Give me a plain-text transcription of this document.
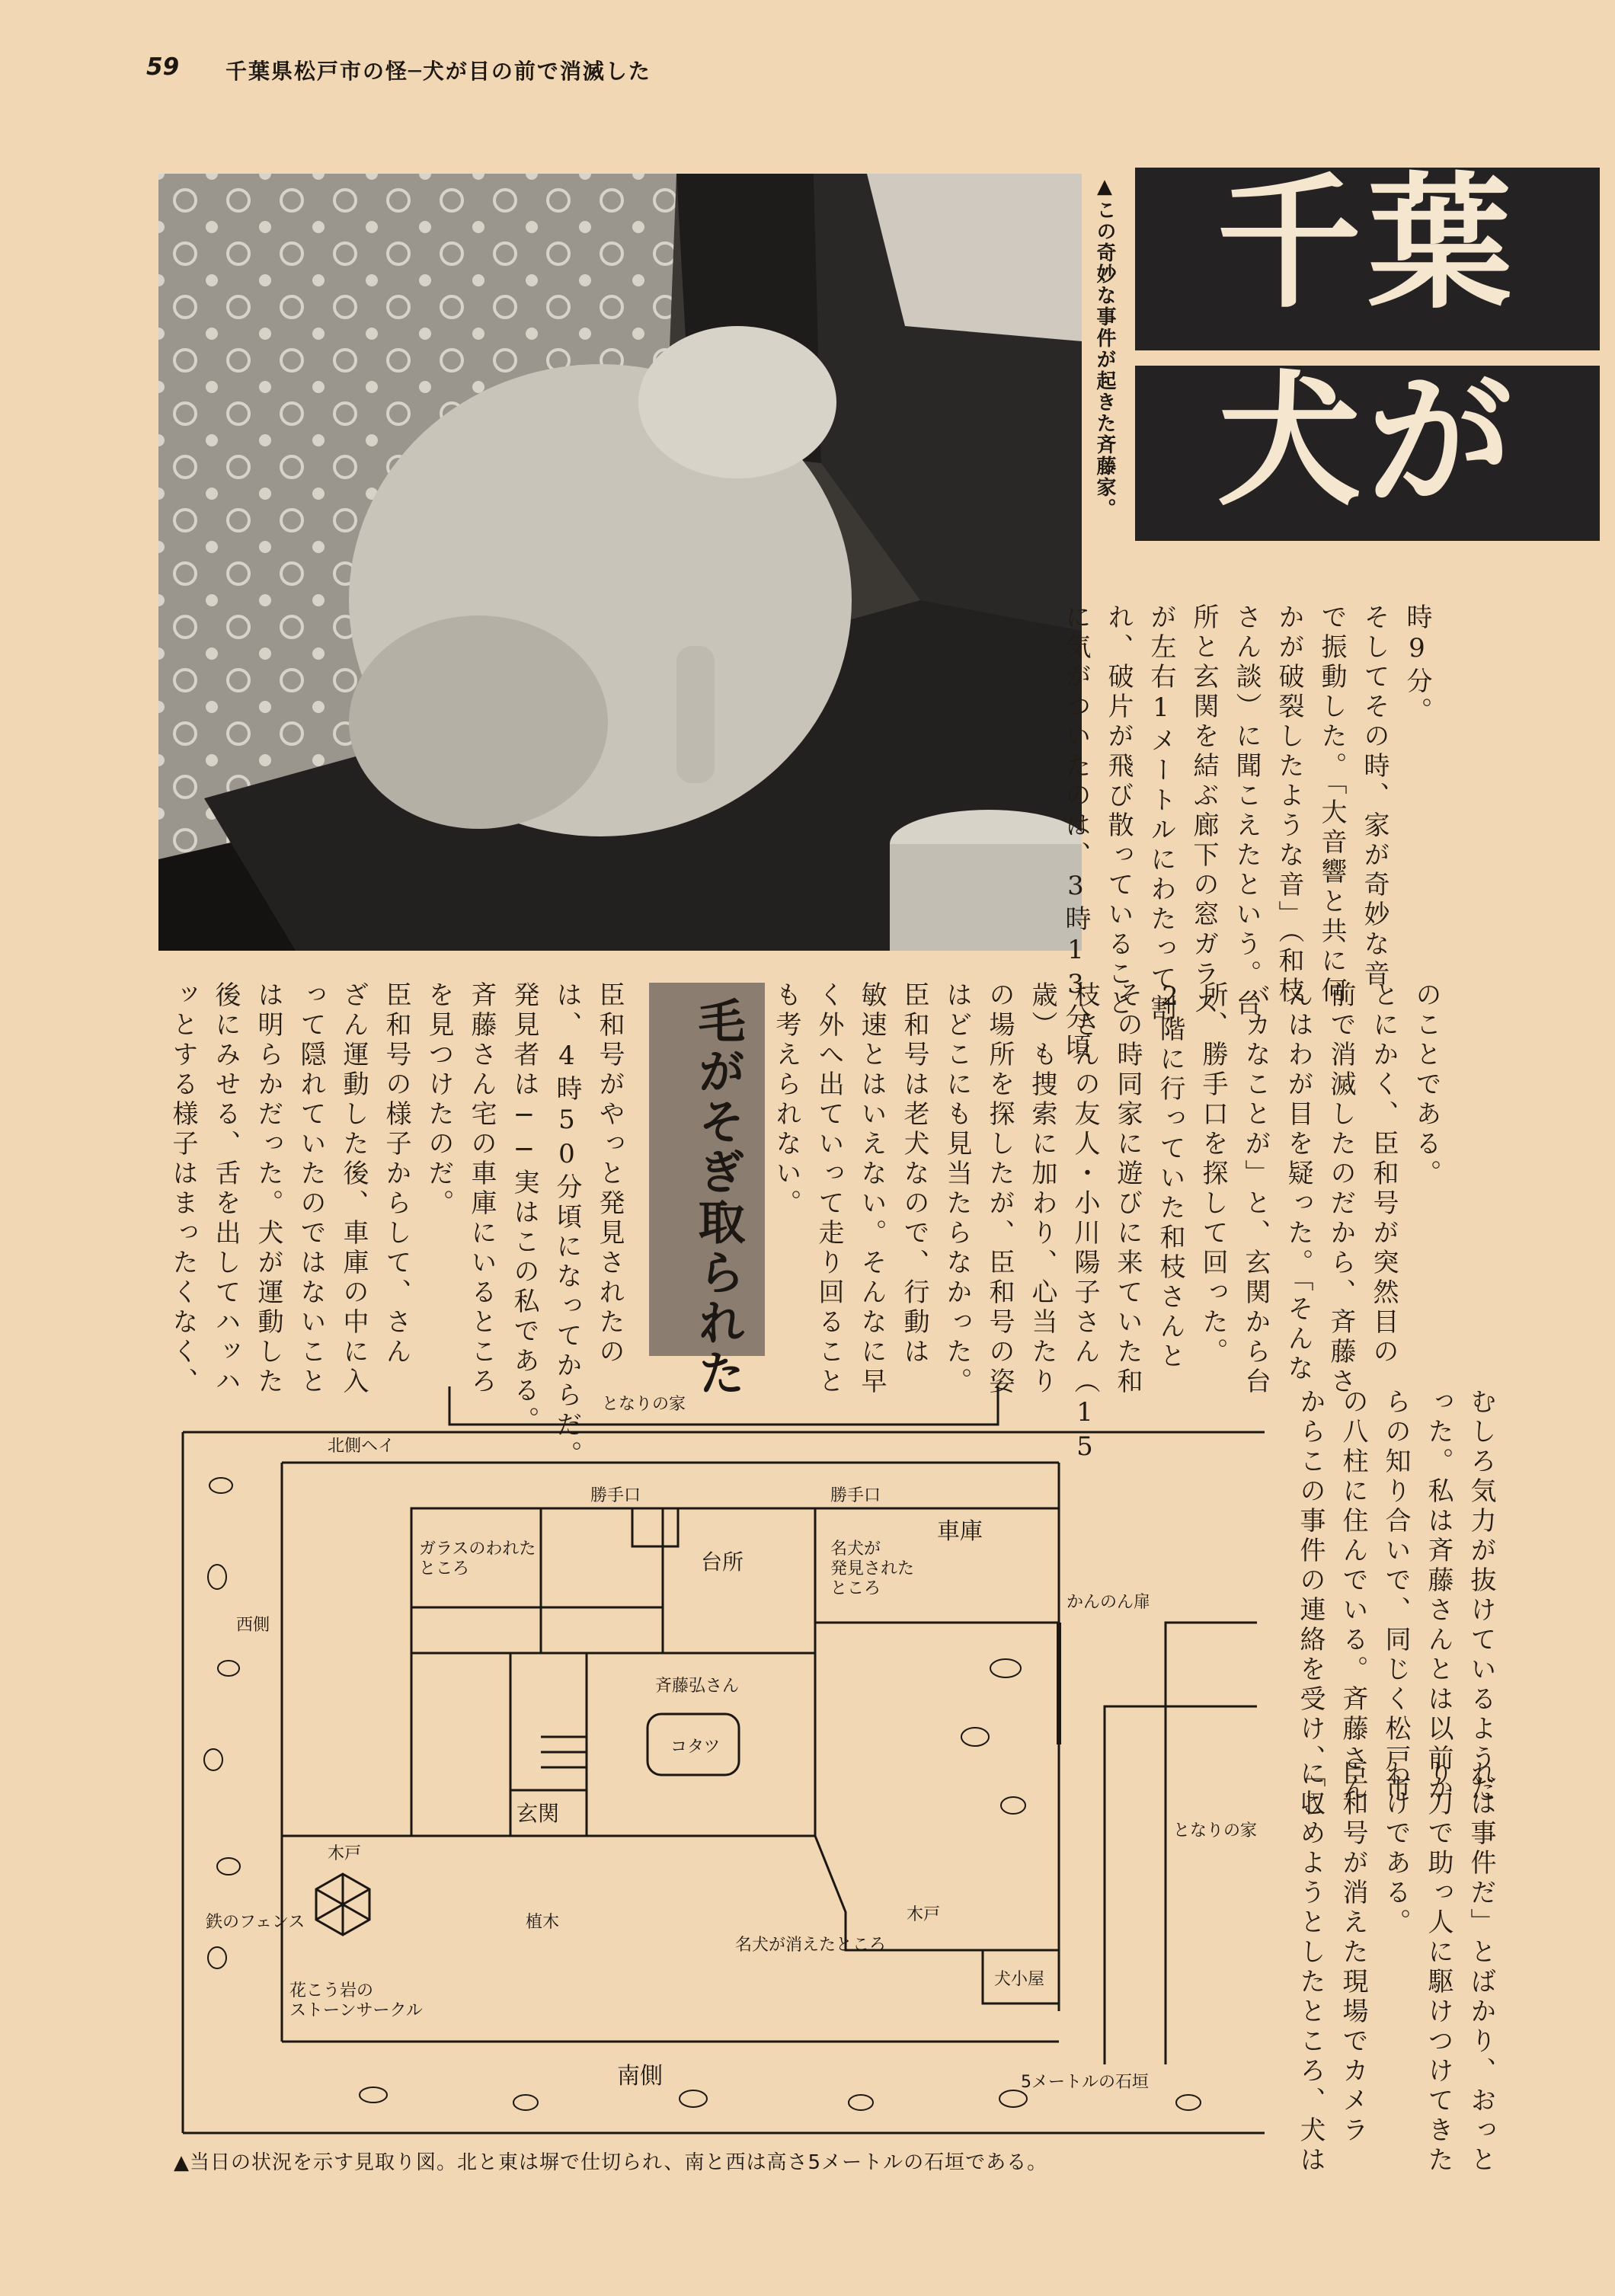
59 千葉県松戸市の怪─犬が目の前で消滅した
▲この奇妙な事件が起きた斉藤家。 千葉
犬が
時9分。
そしてその時、家が奇妙な音
で振動した。「大音響と共に何
かが破裂したような音」（和枝
さん談）に聞こえたという。台
所と玄関を結ぶ廊下の窓ガラス
が左右1メートルにわたって割
れ、破片が飛び散っていること
に気がついたのは、3時13分頃
のことである。
とにかく、臣和号が突然目の
前で消滅したのだから、斉藤さ
んはわが目を疑った。「そんな
バカなことが」と、玄関から台
所、勝手口を探して回った。
2階に行っていた和枝さんと
その時同家に遊びに来ていた和
枝さんの友人・小川陽子さん（15
歳）も捜索に加わり、心当たり
の場所を探したが、臣和号の姿
はどこにも見当たらなかった。
臣和号は老犬なので、行動は
敏速とはいえない。そんなに早
く外へ出ていって走り回ること
も考えられない。
毛がそぎ取られた
臣和号がやっと発見されたの
は、4時50分頃になってからだ。
発見者は──実はこの私である。
斉藤さん宅の車庫にいるところ
を見つけたのだ。
臣和号の様子からして、さん
ざん運動した後、車庫の中に入
って隠れていたのではないこと
は明らかだった。犬が運動した
後にみせる、舌を出してハッハ
ッとする様子はまったくなく、
むしろ気力が抜けているようだ
った。私は斉藤さんとは以前か
らの知り合いで、同じく松戸市
の八柱に住んでいる。斉藤さん
からこの事件の連絡を受け、「こ
れは事件だ」とばかり、おっと
り刀で助っ人に駆けつけてきた
わけである。
臣和号が消えた現場でカメラ
に収めようとしたところ、犬は
となりの家
北側ヘイ
勝手口	勝手口
車庫
ガラスのわれたところ	台所
名犬が発見されたところ
西側
かんのん扉
斉藤弘さん
コタツ
となりの家
玄関
木戸
鉄のフェンス
花こう岩のストーンサークル
植木
名犬が消えたところ
木戸
犬小屋
5メートルの石垣
南側
▲当日の状況を示す見取り図。北と東は塀で仕切られ、南と西は高さ5メートルの石垣である。
